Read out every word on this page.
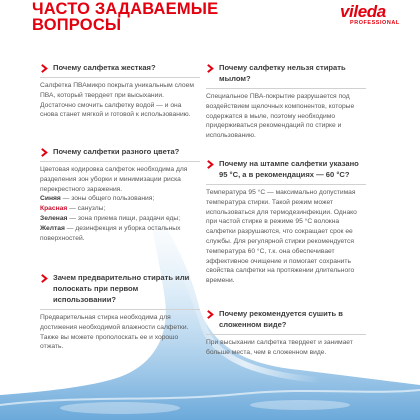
ЧАСТО ЗАДАВАЕМЫЕ
ВОПРОСЫ
vileda
PROFESSIONAL
Почему салфетка жесткая?
Салфетка ПВАмикро покрыта уникальным слоем ПВА, который твердеет при высыхании. Достаточно смочить салфетку водой — и она снова станет мягкой и готовой к использованию.
Почему салфетки разного цвета?

Цветовая кодировка салфеток необходима для разделения зон уборки и минимизации риска перекрестного заражения.

Синяя — зоны общего пользования;

Красная — санузлы;

Зеленая — зона приема пищи, раздачи еды;

Желтая — дезинфекция и уборка остальных поверхностей.

Зачем предварительно стирать или полоскать при первом использовании?
Предварительная стирка необходима для достижения необходимой влажности салфетки. Также вы можете прополоскать ее и хорошо отжать.
Почему салфетку нельзя стирать мылом?
Специальное ПВА-покрытие разрушается под воздействием щелочных компонентов, которые содержатся в мыле, поэтому необходимо придерживаться рекомендаций по стирке и использованию.
Почему на штампе салфетки указано 95 °С, а в рекомендациях — 60 °С?
Температура 95 °С — максимально допустимая температура стирки. Такой режим может использоваться для термодезинфекции. Однако при частой стирке в режиме 95 °С волокна салфетки разрушаются, что сокращает срок ее службы. Для регулярной стирки рекомендуется температура 60 °С, т.к. она обеспечивает эффективное очищение и помогает сохранить свойства салфетки на протяжении длительного времени.
Почему рекомендуется сушить в сложенном виде?
При высыхании салфетка твердеет и занимает больше места, чем в сложенном виде.
